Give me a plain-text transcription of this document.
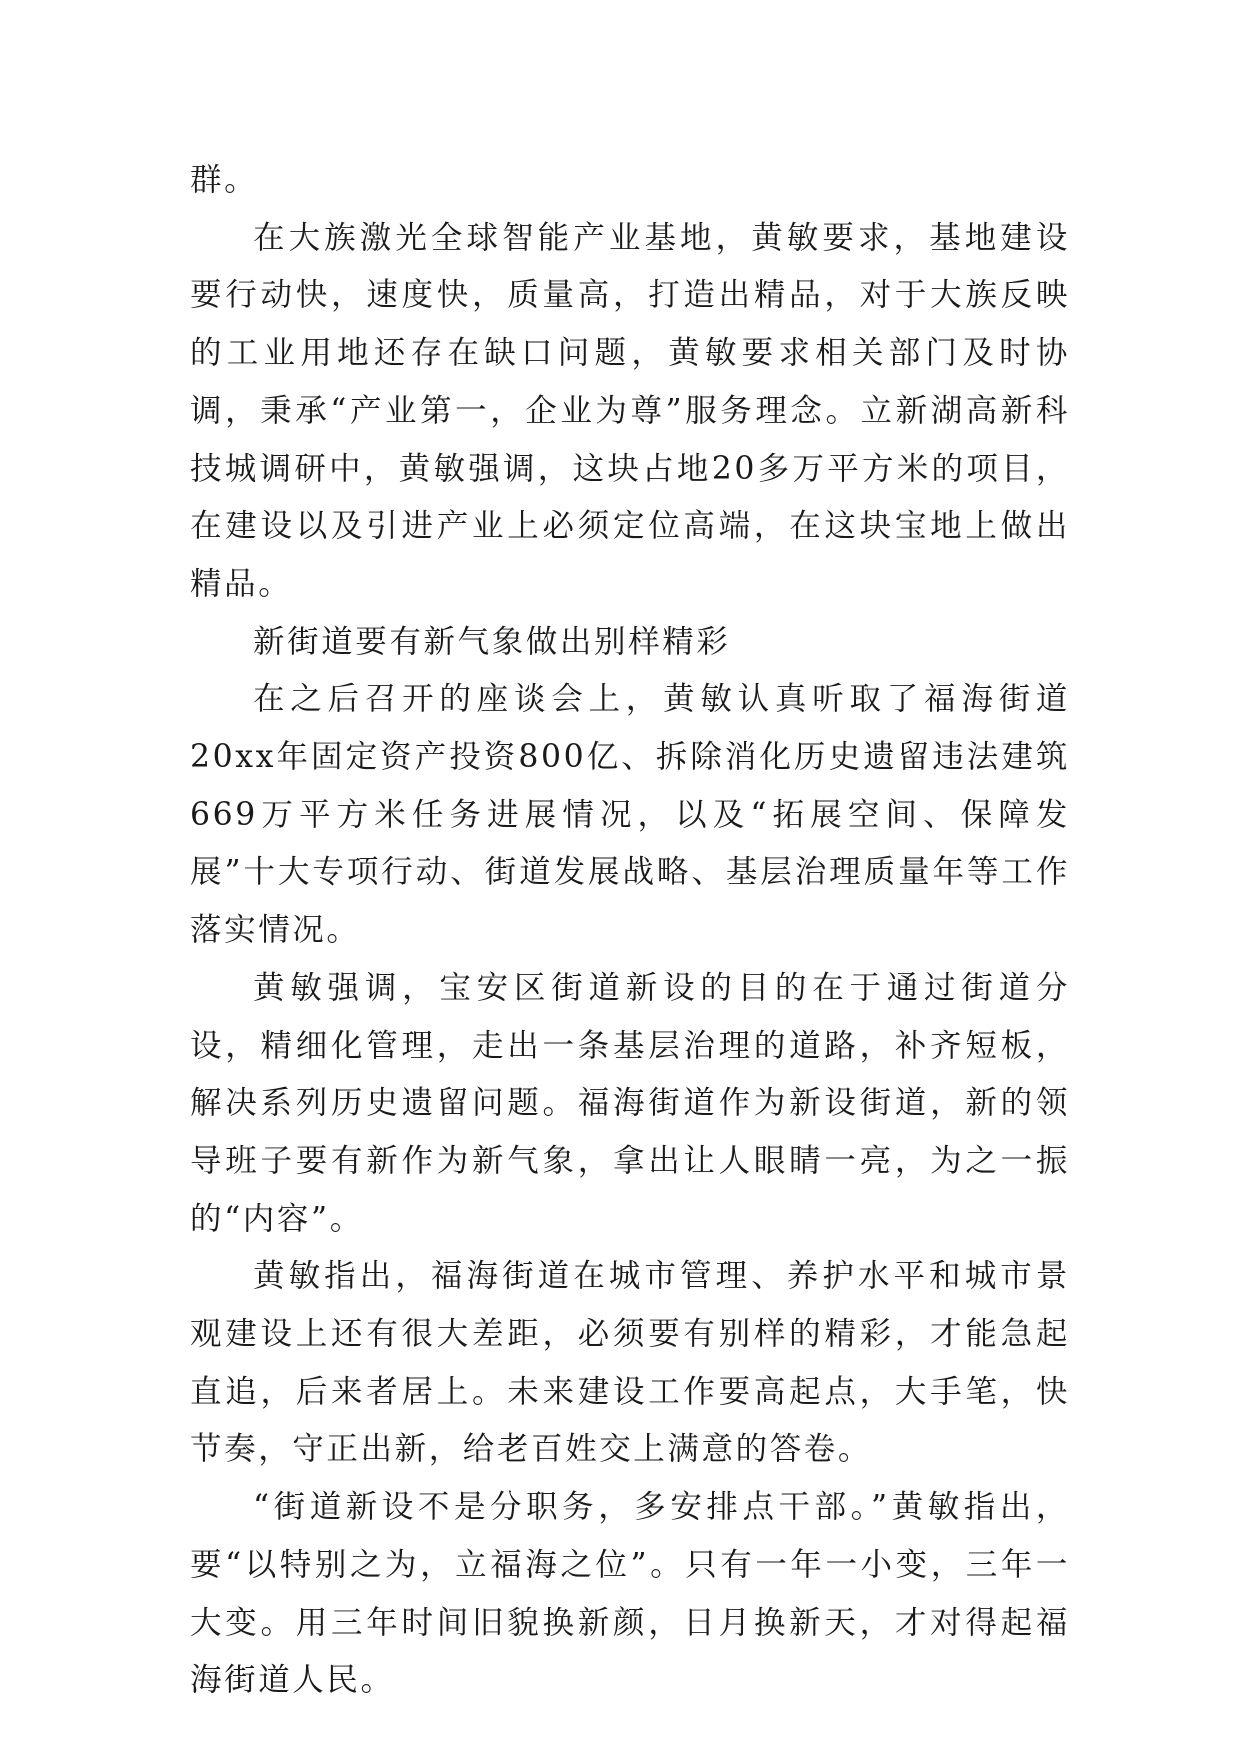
群。

在大族激光全球智能产业基地，黄敏要求，基地建设要行动快，速度快，质量高，打造出精品，对于大族反映的工业用地还存在缺口问题，黄敏要求相关部门及时协调，秉承“产业第一，企业为尊”服务理念。立新湖高新科技城调研中，黄敏强调，这块占地20多万平方米的项目，在建设以及引进产业上必须定位高端，在这块宝地上做出精品。

新街道要有新气象做出别样精彩

在之后召开的座谈会上，黄敏认真听取了福海街道20xx年固定资产投资800亿、拆除消化历史遗留违法建筑669万平方米任务进展情况，以及“拓展空间、保障发展”十大专项行动、街道发展战略、基层治理质量年等工作落实情况。

黄敏强调，宝安区街道新设的目的在于通过街道分设，精细化管理，走出一条基层治理的道路，补齐短板，解决系列历史遗留问题。福海街道作为新设街道，新的领导班子要有新作为新气象，拿出让人眼睛一亮，为之一振的“内容”。

黄敏指出，福海街道在城市管理、养护水平和城市景观建设上还有很大差距，必须要有别样的精彩，才能急起直追，后来者居上。未来建设工作要高起点，大手笔，快节奏，守正出新，给老百姓交上满意的答卷。

“街道新设不是分职务，多安排点干部。”黄敏指出，要“以特别之为，立福海之位”。只有一年一小变，三年一大变。用三年时间旧貌换新颜，日月换新天，才对得起福海街道人民。
